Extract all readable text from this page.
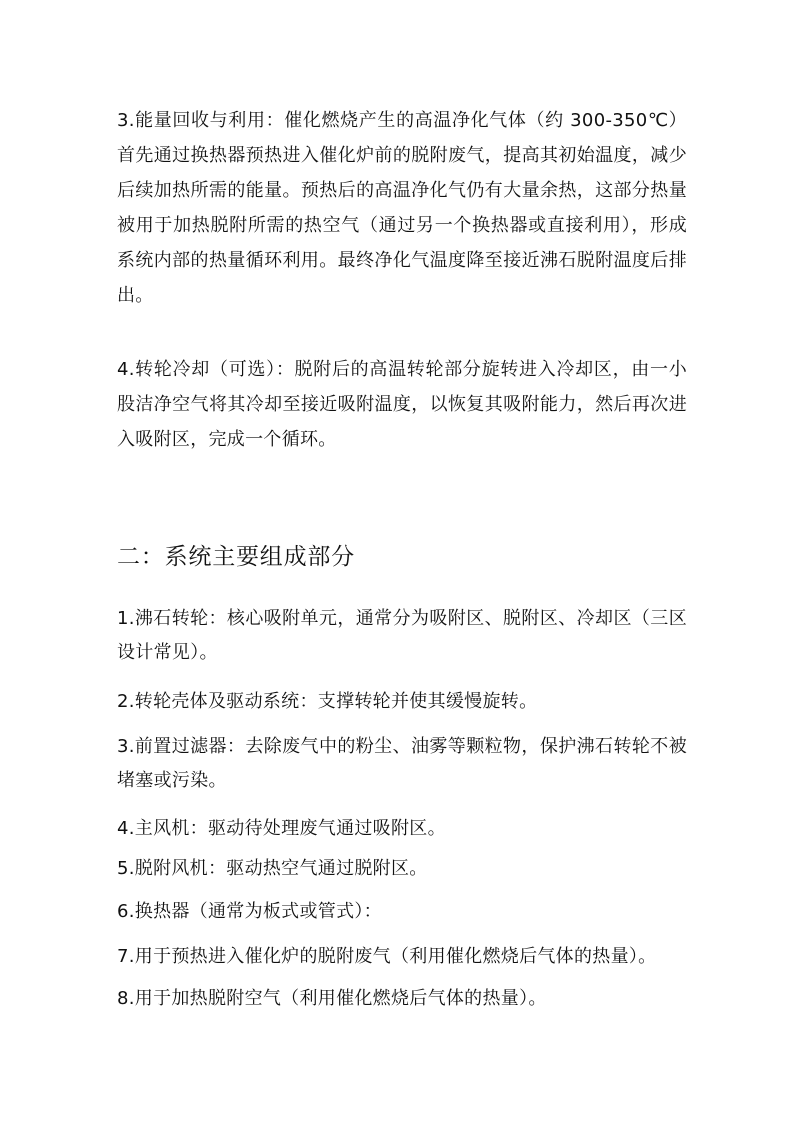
3.能量回收与利用：催化燃烧产生的高温净化气体（约 300-350℃）首先通过换热器预热进入催化炉前的脱附废气，提高其初始温度，减少后续加热所需的能量。预热后的高温净化气仍有大量余热，这部分热量被用于加热脱附所需的热空气（通过另一个换热器或直接利用），形成系统内部的热量循环利用。最终净化气温度降至接近沸石脱附温度后排出。

4.转轮冷却（可选）：脱附后的高温转轮部分旋转进入冷却区，由一小股洁净空气将其冷却至接近吸附温度，以恢复其吸附能力，然后再次进入吸附区，完成一个循环。

二：系统主要组成部分

1.沸石转轮：核心吸附单元，通常分为吸附区、脱附区、冷却区（三区设计常见）。

2.转轮壳体及驱动系统：支撑转轮并使其缓慢旋转。

3.前置过滤器：去除废气中的粉尘、油雾等颗粒物，保护沸石转轮不被堵塞或污染。

4.主风机：驱动待处理废气通过吸附区。

5.脱附风机：驱动热空气通过脱附区。

6.换热器（通常为板式或管式）：

7.用于预热进入催化炉的脱附废气（利用催化燃烧后气体的热量）。

8.用于加热脱附空气（利用催化燃烧后气体的热量）。
